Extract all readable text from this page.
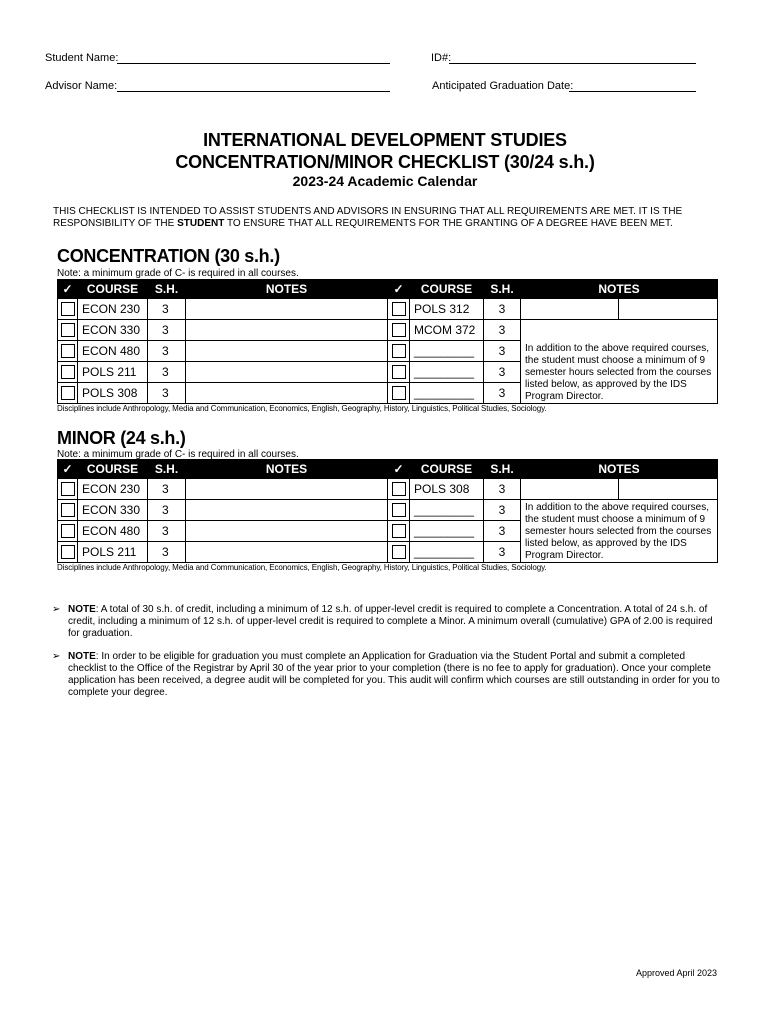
Student Name:	ID#:
Advisor Name:	Anticipated Graduation Date:
INTERNATIONAL DEVELOPMENT STUDIES
CONCENTRATION/MINOR CHECKLIST (30/24 s.h.)
2023-24 Academic Calendar
THIS CHECKLIST IS INTENDED TO ASSIST STUDENTS AND ADVISORS IN ENSURING THAT ALL REQUIREMENTS ARE MET. IT IS THE RESPONSIBILITY OF THE STUDENT TO ENSURE THAT ALL REQUIREMENTS FOR THE GRANTING OF A DEGREE HAVE BEEN MET.
CONCENTRATION (30 s.h.)
Note: a minimum grade of C- is required in all courses.
✓	COURSE	S.H.	NOTES		✓	COURSE	S.H.	NOTES	
	ECON 230	3				POLS 312	3		
	ECON 330	3				MCOM 372	3	In addition to the above required courses, the student must choose a minimum of 9 semester hours selected from the courses listed below, as approved by the IDS Program Director.	
	ECON 480	3				_________	3		
	POLS 211	3				_________	3		
	POLS 308	3				_________	3		
Disciplines include Anthropology, Media and Communication, Economics, English, Geography, History, Linguistics, Political Studies, Sociology.
MINOR (24 s.h.)
Note: a minimum grade of C- is required in all courses.
✓	COURSE	S.H.	NOTES		✓	COURSE	S.H.	NOTES	
	ECON 230	3				POLS 308	3		
	ECON 330	3				_________	3	In addition to the above required courses, the student must choose a minimum of 9 semester hours selected from the courses listed below, as approved by the IDS Program Director.	
	ECON 480	3				_________	3		
	POLS 211	3				_________	3		
Disciplines include Anthropology, Media and Communication, Economics, English, Geography, History, Linguistics, Political Studies, Sociology.
➢ NOTE: A total of 30 s.h. of credit, including a minimum of 12 s.h. of upper-level credit is required to complete a Concentration. A total of 24 s.h. of credit, including a minimum of 12 s.h. of upper-level credit is required to complete a Minor. A minimum overall (cumulative) GPA of 2.00 is required for graduation.
➢ NOTE: In order to be eligible for graduation you must complete an Application for Graduation via the Student Portal and submit a completed checklist to the Office of the Registrar by April 30 of the year prior to your completion (there is no fee to apply for graduation). Once your complete application has been received, a degree audit will be completed for you. This audit will confirm which courses are still outstanding in order for you to complete your degree.
Approved April 2023
